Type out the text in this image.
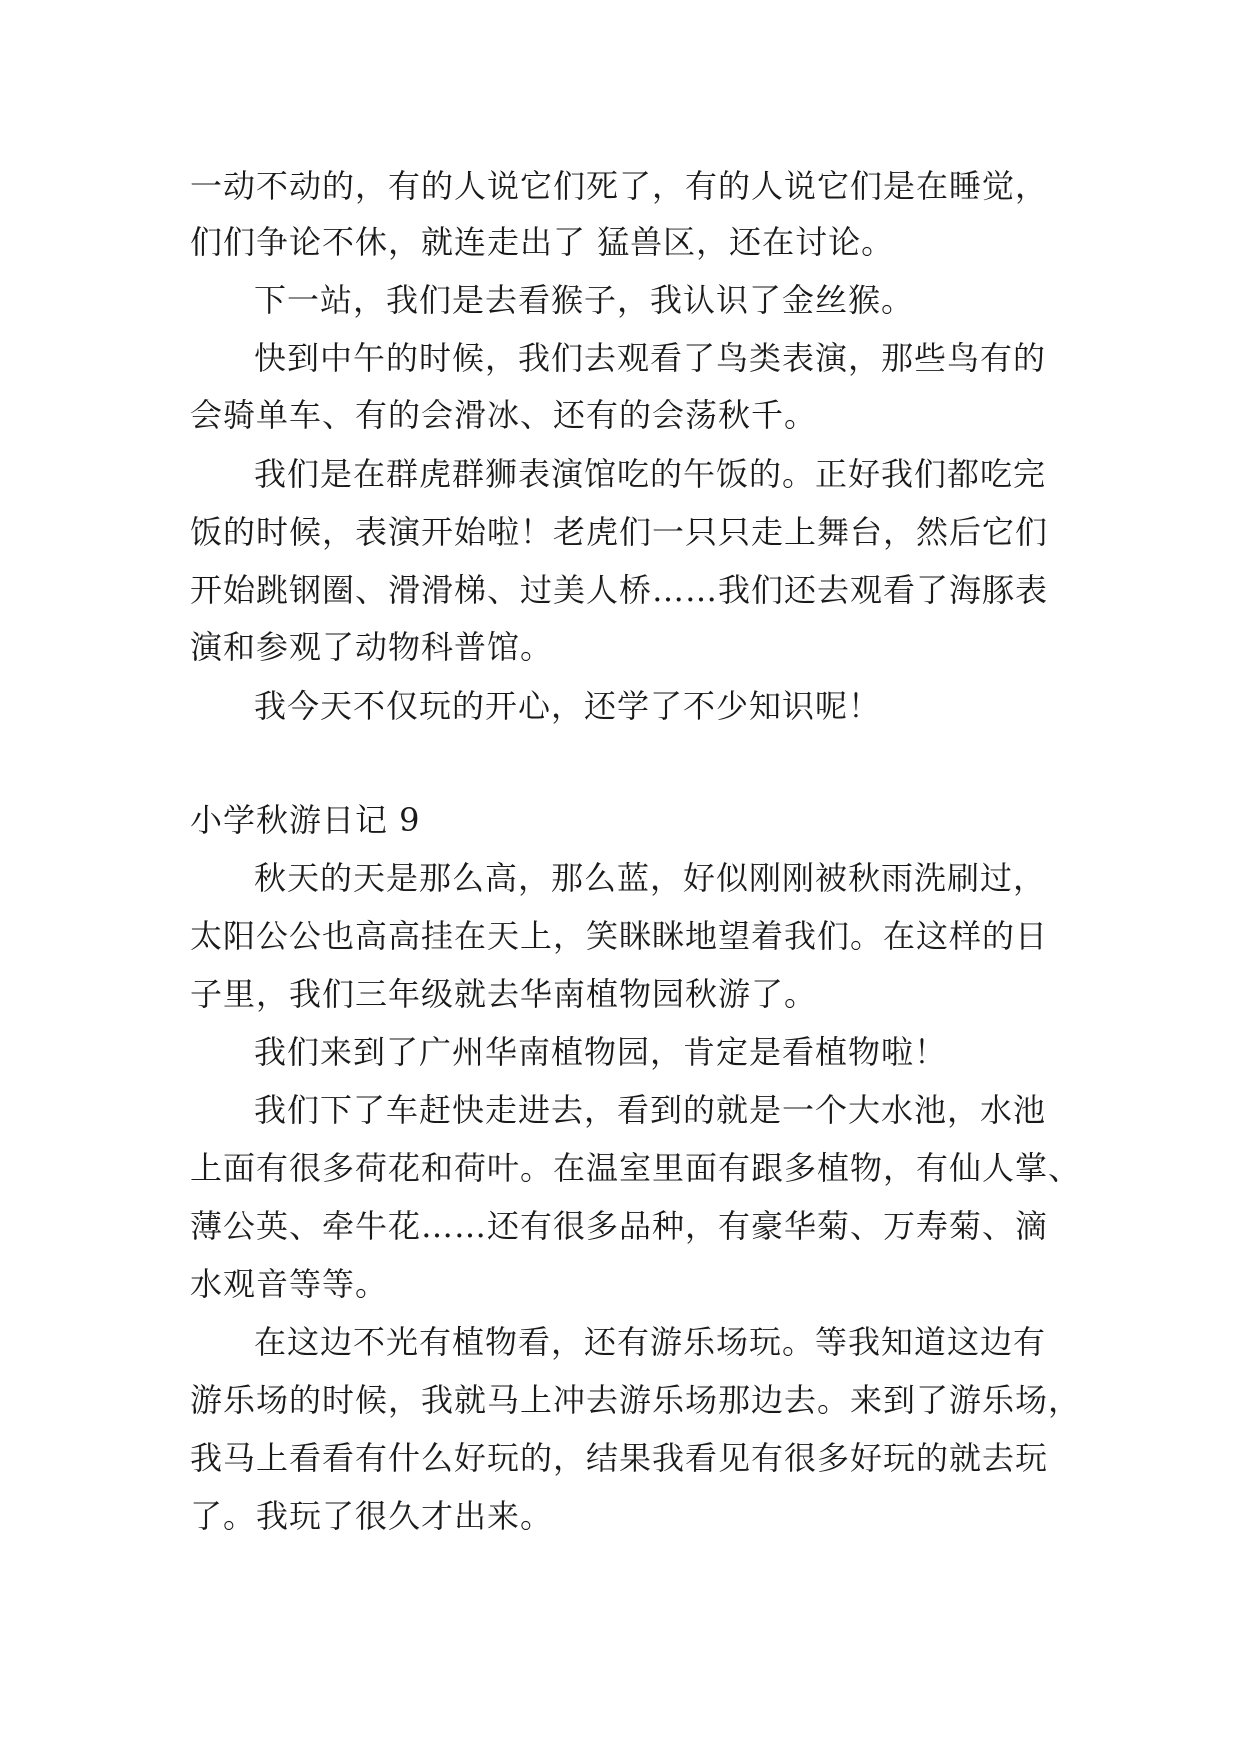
一动不动的，有的人说它们死了，有的人说它们是在睡觉，
们们争论不休，就连走出了 猛兽区，还在讨论。
下一站，我们是去看猴子，我认识了金丝猴。
快到中午的时候，我们去观看了鸟类表演，那些鸟有的
会骑单车、有的会滑冰、还有的会荡秋千。
我们是在群虎群狮表演馆吃的午饭的。正好我们都吃完
饭的时候，表演开始啦！老虎们一只只走上舞台，然后它们
开始跳钢圈、滑滑梯、过美人桥……我们还去观看了海豚表
演和参观了动物科普馆。
我今天不仅玩的开心，还学了不少知识呢！
小学秋游日记 9
秋天的天是那么高，那么蓝，好似刚刚被秋雨洗刷过，
太阳公公也高高挂在天上，笑眯眯地望着我们。在这样的日
子里，我们三年级就去华南植物园秋游了。
我们来到了广州华南植物园，肯定是看植物啦！
我们下了车赶快走进去，看到的就是一个大水池，水池
上面有很多荷花和荷叶。在温室里面有跟多植物，有仙人掌、
薄公英、牵牛花……还有很多品种，有豪华菊、万寿菊、滴
水观音等等。
在这边不光有植物看，还有游乐场玩。等我知道这边有
游乐场的时候，我就马上冲去游乐场那边去。来到了游乐场，
我马上看看有什么好玩的，结果我看见有很多好玩的就去玩
了。我玩了很久才出来。
